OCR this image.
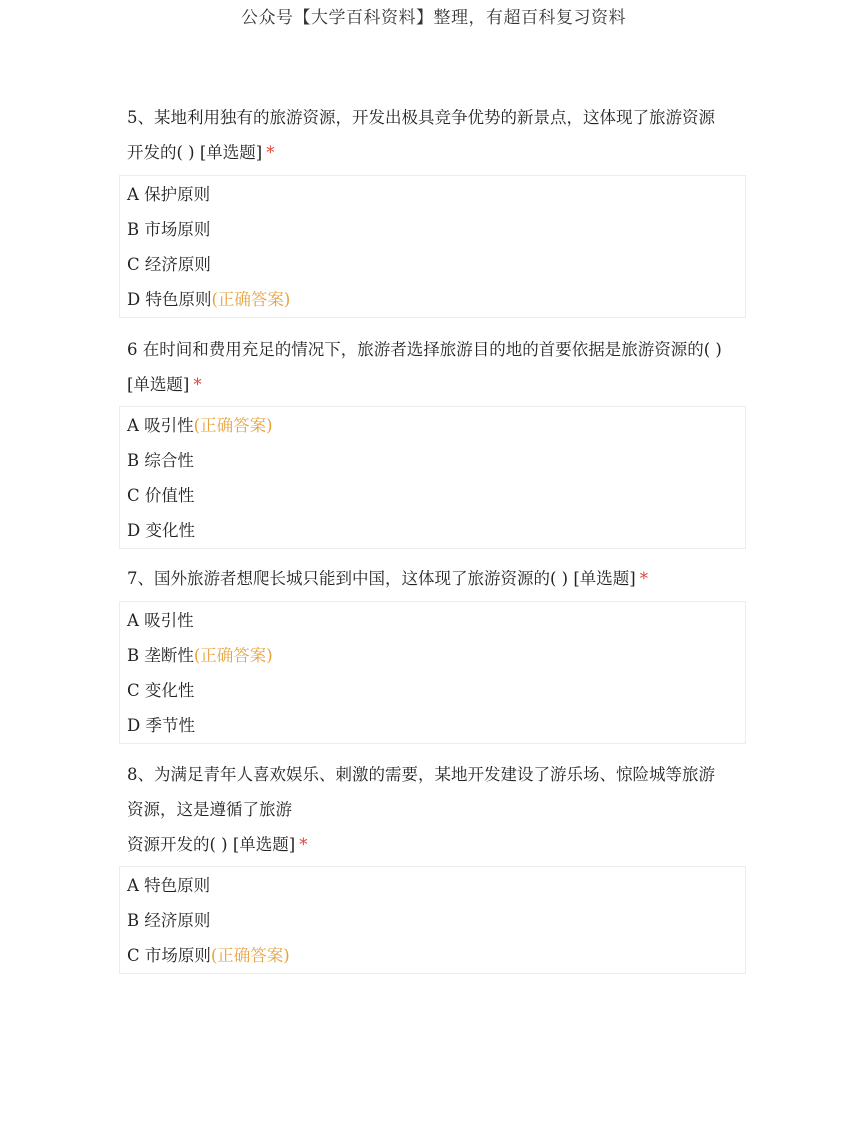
公众号【大学百科资料】整理，有超百科复习资料
5、某地利用独有的旅游资源，开发出极具竞争优势的新景点，这体现了旅游资源
开发的( ) [单选题] *
A 保护原则
B 市场原则
C 经济原则
D 特色原则(正确答案)
6 在时间和费用充足的情况下，旅游者选择旅游目的地的首要依据是旅游资源的( )
[单选题] *
A 吸引性(正确答案)
B 综合性
C 价值性
D 变化性
7、国外旅游者想爬长城只能到中国，这体现了旅游资源的( ) [单选题] *
A 吸引性
B 垄断性(正确答案)
C 变化性
D 季节性
8、为满足青年人喜欢娱乐、刺激的需要，某地开发建设了游乐场、惊险城等旅游
资源，这是遵循了旅游
资源开发的( ) [单选题] *
A 特色原则
B 经济原则
C 市场原则(正确答案)
